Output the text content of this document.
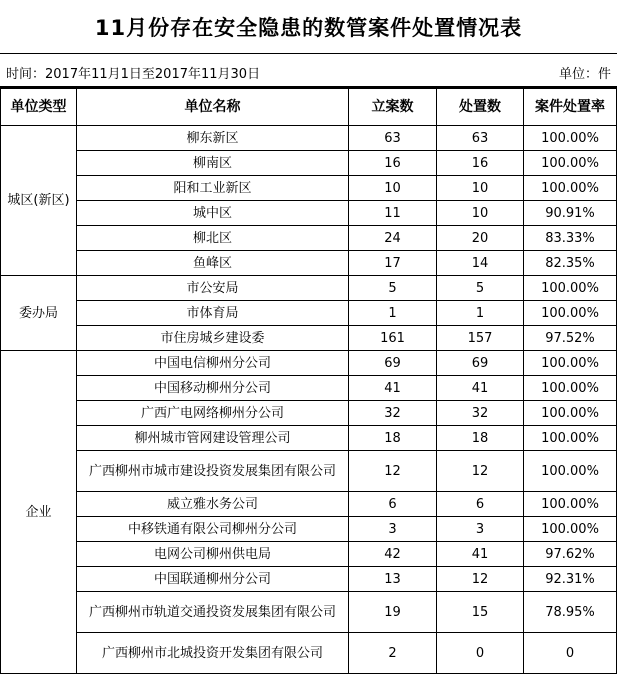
11月份存在安全隐患的数管案件处置情况表
时间：2017年11月1日至2017年11月30日	单位：件
单位类型	单位名称	立案数	处置数	案件处置率
城区(新区)	柳东新区	63	63	100.00%
	柳南区	16	16	100.00%
	阳和工业新区	10	10	100.00%
	城中区	11	10	90.91%
	柳北区	24	20	83.33%
	鱼峰区	17	14	82.35%
委办局	市公安局	5	5	100.00%
	市体育局	1	1	100.00%
	市住房城乡建设委	161	157	97.52%
企业	中国电信柳州分公司	69	69	100.00%
	中国移动柳州分公司	41	41	100.00%
	广西广电网络柳州分公司	32	32	100.00%
	柳州城市管网建设管理公司	18	18	100.00%
	广西柳州市城市建设投资发展集团有限公司	12	12	100.00%
	威立雅水务公司	6	6	100.00%
	中移铁通有限公司柳州分公司	3	3	100.00%
	电网公司柳州供电局	42	41	97.62%
	中国联通柳州分公司	13	12	92.31%
	广西柳州市轨道交通投资发展集团有限公司	19	15	78.95%
	广西柳州市北城投资开发集团有限公司	2	0	0
